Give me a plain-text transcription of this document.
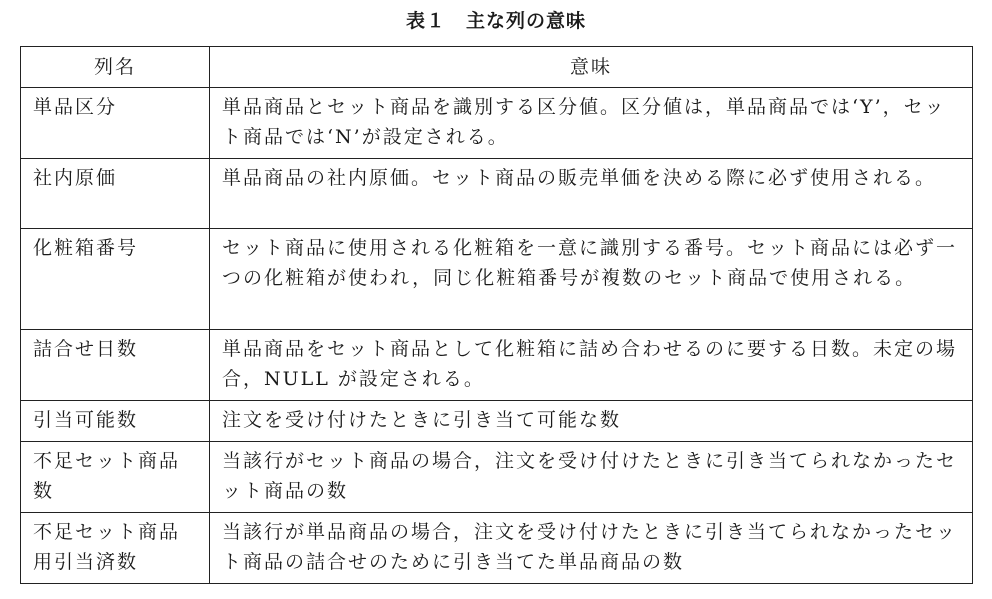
表１　主な列の意味
列名	意味
単品区分	単品商品とセット商品を識別する区分値。区分値は，単品商品では‘Y’，セット商品では‘N’が設定される。
社内原価	単品商品の社内原価。セット商品の販売単価を決める際に必ず使用される。
化粧箱番号	セット商品に使用される化粧箱を一意に識別する番号。セット商品には必ず一つの化粧箱が使われ，同じ化粧箱番号が複数のセット商品で使用される。
詰合せ日数	単品商品をセット商品として化粧箱に詰め合わせるのに要する日数。未定の場合，NULL が設定される。
引当可能数	注文を受け付けたときに引き当て可能な数
不足セット商品数	当該行がセット商品の場合，注文を受け付けたときに引き当てられなかったセット商品の数
不足セット商品用引当済数	当該行が単品商品の場合，注文を受け付けたときに引き当てられなかったセット商品の詰合せのために引き当てた単品商品の数
